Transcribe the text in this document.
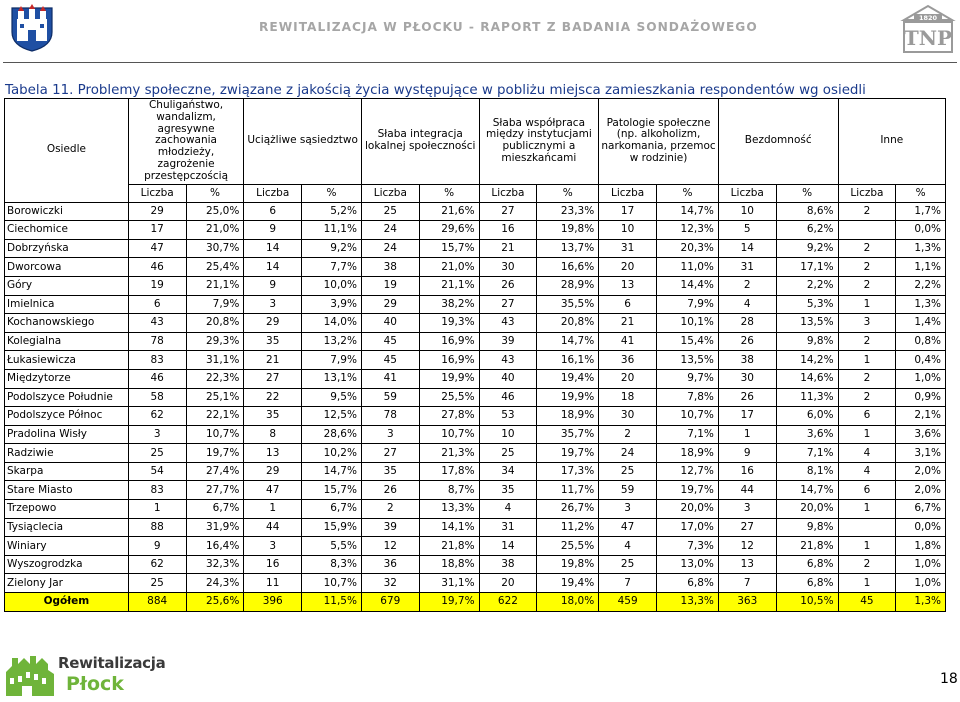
REWITALIZACJA W PŁOCKU - RAPORT Z BADANIA SONDAŻOWEGO
1820
TNP
Tabela 11. Problemy społeczne, związane z jakością życia występujące w pobliżu miejsca zamieszkania respondentów wg osiedli
Osiedle	Chuligaństwo, wandalizm, agresywne zachowania młodzieży, zagrożenie przestępczością		Uciążliwe sąsiedztwo		Słaba integracja lokalnej społeczności		Słaba współpraca między instytucjami publicznymi a mieszkańcami		Patologie społeczne (np. alkoholizm, narkomania, przemoc w rodzinie)		Bezdomność		Inne	
	Liczba	%	Liczba	%	Liczba	%	Liczba	%	Liczba	%	Liczba	%	Liczba	%
Borowiczki	29	25,0%	6	5,2%	25	21,6%	27	23,3%	17	14,7%	10	8,6%	2	1,7%
Ciechomice	17	21,0%	9	11,1%	24	29,6%	16	19,8%	10	12,3%	5	6,2%		0,0%
Dobrzyńska	47	30,7%	14	9,2%	24	15,7%	21	13,7%	31	20,3%	14	9,2%	2	1,3%
Dworcowa	46	25,4%	14	7,7%	38	21,0%	30	16,6%	20	11,0%	31	17,1%	2	1,1%
Góry	19	21,1%	9	10,0%	19	21,1%	26	28,9%	13	14,4%	2	2,2%	2	2,2%
Imielnica	6	7,9%	3	3,9%	29	38,2%	27	35,5%	6	7,9%	4	5,3%	1	1,3%
Kochanowskiego	43	20,8%	29	14,0%	40	19,3%	43	20,8%	21	10,1%	28	13,5%	3	1,4%
Kolegialna	78	29,3%	35	13,2%	45	16,9%	39	14,7%	41	15,4%	26	9,8%	2	0,8%
Łukasiewicza	83	31,1%	21	7,9%	45	16,9%	43	16,1%	36	13,5%	38	14,2%	1	0,4%
Międzytorze	46	22,3%	27	13,1%	41	19,9%	40	19,4%	20	9,7%	30	14,6%	2	1,0%
Podolszyce Południe	58	25,1%	22	9,5%	59	25,5%	46	19,9%	18	7,8%	26	11,3%	2	0,9%
Podolszyce Północ	62	22,1%	35	12,5%	78	27,8%	53	18,9%	30	10,7%	17	6,0%	6	2,1%
Pradolina Wisły	3	10,7%	8	28,6%	3	10,7%	10	35,7%	2	7,1%	1	3,6%	1	3,6%
Radziwie	25	19,7%	13	10,2%	27	21,3%	25	19,7%	24	18,9%	9	7,1%	4	3,1%
Skarpa	54	27,4%	29	14,7%	35	17,8%	34	17,3%	25	12,7%	16	8,1%	4	2,0%
Stare Miasto	83	27,7%	47	15,7%	26	8,7%	35	11,7%	59	19,7%	44	14,7%	6	2,0%
Trzepowo	1	6,7%	1	6,7%	2	13,3%	4	26,7%	3	20,0%	3	20,0%	1	6,7%
Tysiąclecia	88	31,9%	44	15,9%	39	14,1%	31	11,2%	47	17,0%	27	9,8%		0,0%
Winiary	9	16,4%	3	5,5%	12	21,8%	14	25,5%	4	7,3%	12	21,8%	1	1,8%
Wyszogrodzka	62	32,3%	16	8,3%	36	18,8%	38	19,8%	25	13,0%	13	6,8%	2	1,0%
Zielony Jar	25	24,3%	11	10,7%	32	31,1%	20	19,4%	7	6,8%	7	6,8%	1	1,0%
Ogółem	884	25,6%	396	11,5%	679	19,7%	622	18,0%	459	13,3%	363	10,5%	45	1,3%
Rewitalizacja
Płock	18
